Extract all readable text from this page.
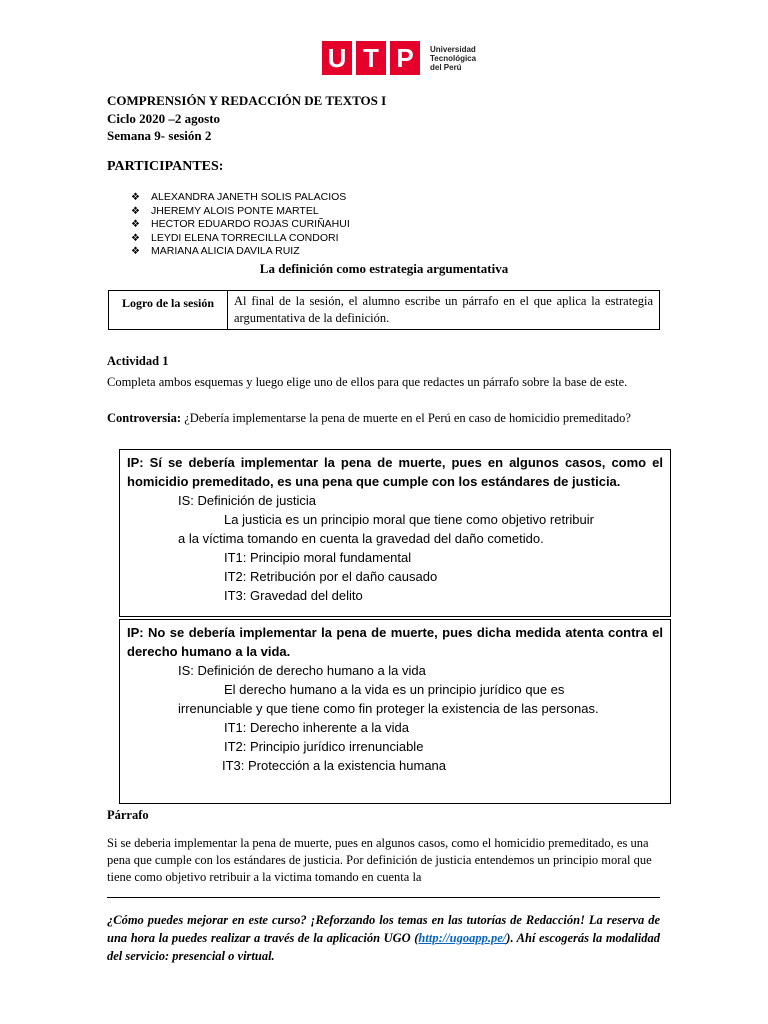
U T P	Universidad
Tecnológica
del Perú
COMPRENSIÓN Y REDACCIÓN DE TEXTOS I
Ciclo 2020 –2 agosto
Semana 9- sesión 2
PARTICIPANTES:
❖	ALEXANDRA JANETH SOLIS PALACIOS
❖	JHEREMY ALOIS PONTE MARTEL
❖	HECTOR EDUARDO ROJAS CURIÑAHUI
❖	LEYDI ELENA TORRECILLA CONDORI
❖	MARIANA ALICIA DAVILA RUIZ
La definición como estrategia argumentativa
Logro de la sesión	Al final de la sesión, el alumno escribe un párrafo en el que aplica la estrategia argumentativa de la definición.
Actividad 1
Completa ambos esquemas y luego elige uno de ellos para que redactes un párrafo sobre la base de este.
Controversia: ¿Debería implementarse la pena de muerte en el Perú en caso de homicidio premeditado?
IP: Sí se debería implementar la pena de muerte, pues en algunos casos, como el homicidio premeditado, es una pena que cumple con los estándares de justicia.
IS: Definición de justicia
La justicia es un principio moral que tiene como objetivo retribuir
a la víctima tomando en cuenta la gravedad del daño cometido.
IT1: Principio moral fundamental
IT2: Retribución por el daño causado
IT3: Gravedad del delito
IP: No se debería implementar la pena de muerte, pues dicha medida atenta contra el derecho humano a la vida.
IS: Definición de derecho humano a la vida
El derecho humano a la vida es un principio jurídico que es
irrenunciable y que tiene como fin proteger la existencia de las personas.
IT1: Derecho inherente a la vida
IT2: Principio jurídico irrenunciable
IT3: Protección a la existencia humana
Párrafo
Si se deberia implementar la pena de muerte, pues en algunos casos, como el homicidio premeditado, es una pena que cumple con los estándares de justicia. Por definición de justicia entendemos un principio moral que tiene como objetivo retribuir a la victima tomando en cuenta la
¿Cómo puedes mejorar en este curso? ¡Reforzando los temas en las tutorías de Redacción! La reserva de una hora la puedes realizar a través de la aplicación UGO (http://ugoapp.pe/). Ahí escogerás la modalidad del servicio: presencial o virtual.
